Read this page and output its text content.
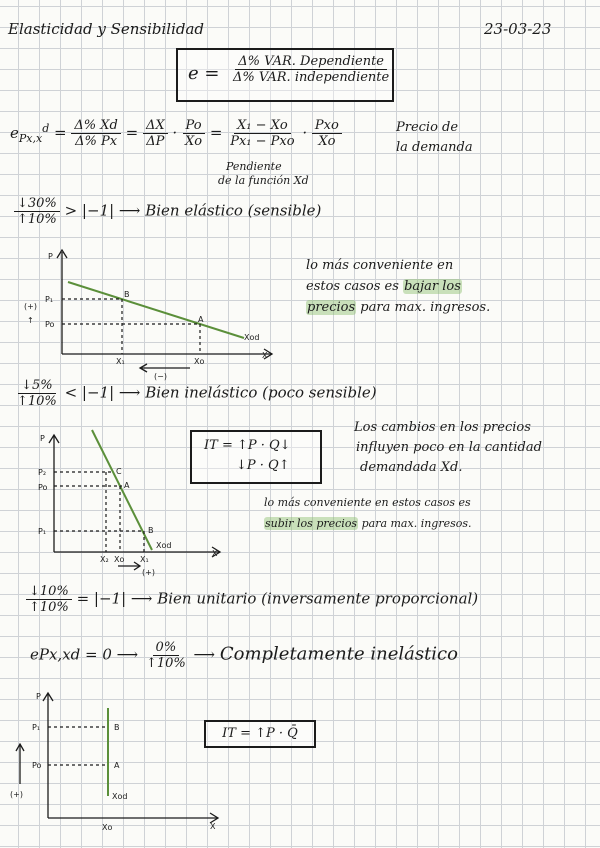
Elasticidad y Sensibilidad	23-03-23
$e = \frac{\text{Δ\% VAR. Dependiente}}{\text{Δ\% VAR. independiente}}$
$e_{Px,x}^d = \frac{\Delta\% Xd}{\Delta\% Px} = \frac{\Delta X}{\Delta P} \cdot \frac{Po}{Xo} = \frac{\text{X₁ − Xo}}{\text{Px₁ − Pxo}} \cdot \frac{\text{Pxo}}{Xo}$	Precio de
la demanda
Pendiente
de la función Xd
$\frac{↓30\%}{↑10\%} > |-1|$ ⟶ Bien elástico (sensible)
lo más conveniente en
estos casos es bajar los
precios para max. ingresos.
P
X
P₁
Po
(+)
↑
X₁	Xo
B
A
Xod
(−)
$\frac{↓5\%}{↑10\%} < |-1|$ ⟶ Bien inelástico (poco sensible)
IT = ↑P · Q↓
↓P · Q↑
Los cambios en los precios
influyen poco en la cantidad
demandada Xd.
lo más conveniente en estos casos es
subir los precios para max. ingresos.
P
X
P₂
Po
P₁
X₂ Xo X₁
C
A
B
Xod
(+)
$\frac{↓10\%}{↑10\%} = |-1|$ ⟶ Bien unitario (inversamente proporcional)
ePx,xd = 0 ⟶ $\frac{0\%}{↑10\%}$ ⟶ Completamente inelástico
P
X
P₁
Po
B
A
Xod
Xo
(+)
IT = ↑P · Q̄
